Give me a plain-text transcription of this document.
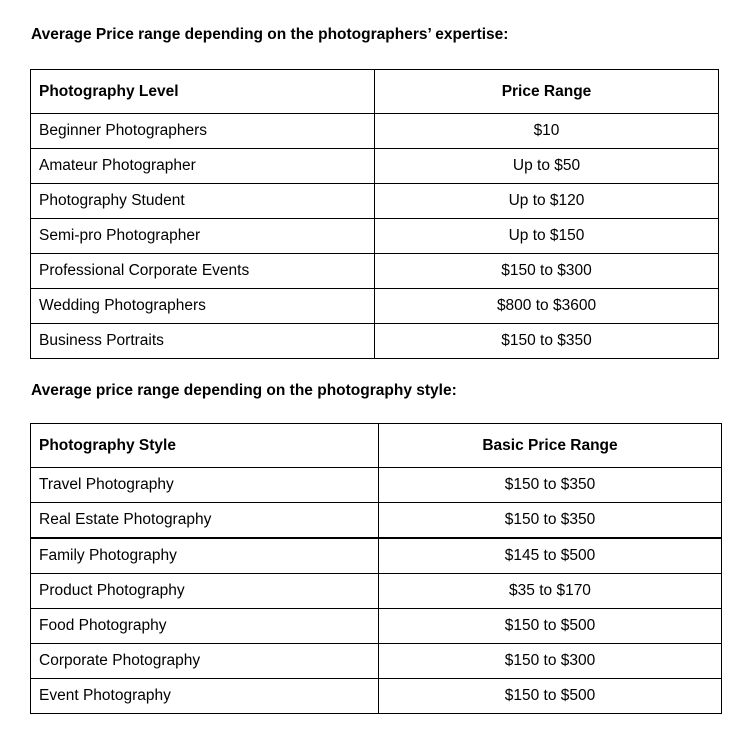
Average Price range depending on the photographers’ expertise:
Photography Level	Price Range
Beginner Photographers	$10
Amateur Photographer	Up to $50
Photography Student	Up to $120
Semi-pro Photographer	Up to $150
Professional Corporate Events	$150 to $300
Wedding Photographers	$800 to $3600
Business Portraits	$150 to $350
Average price range depending on the photography style:
Photography Style	Basic Price Range
Travel Photography	$150 to $350
Real Estate Photography	$150 to $350
Family Photography	$145 to $500
Product Photography	$35 to $170
Food Photography	$150 to $500
Corporate Photography	$150 to $300
Event Photography	$150 to $500
